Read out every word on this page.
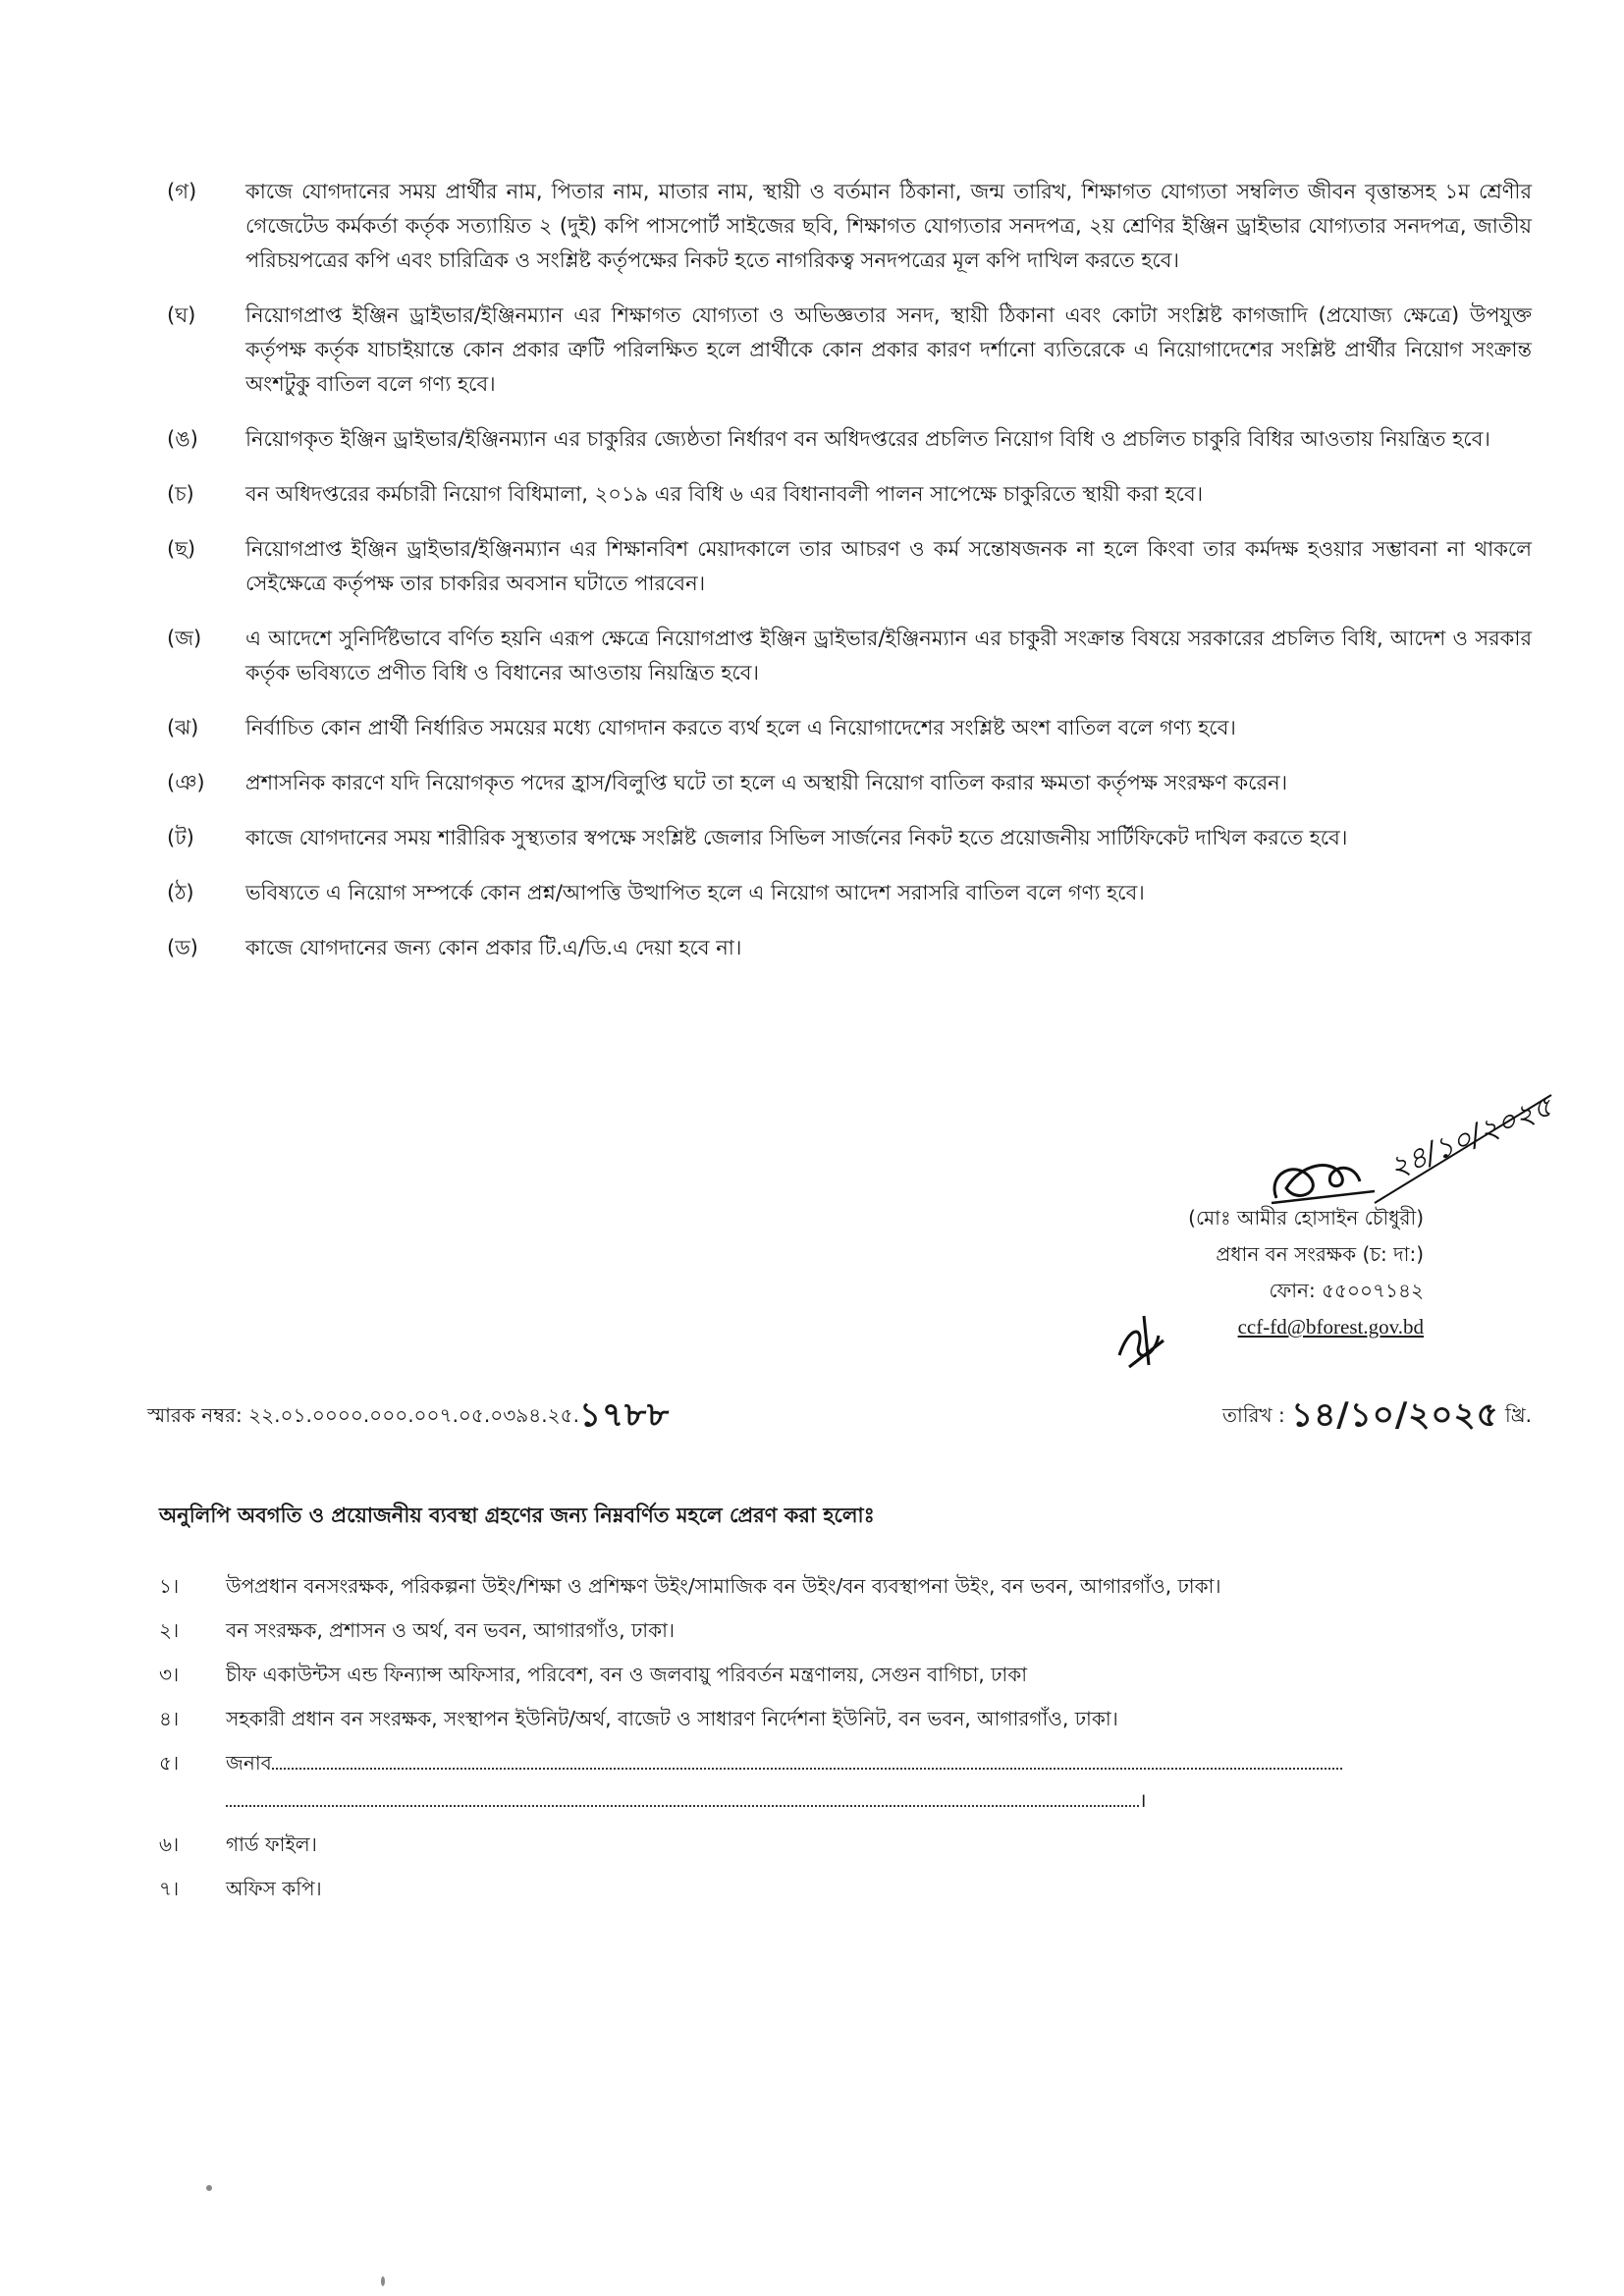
(গ)	কাজে যোগদানের সময় প্রার্থীর নাম, পিতার নাম, মাতার নাম, স্থায়ী ও বর্তমান ঠিকানা, জন্ম তারিখ, শিক্ষাগত যোগ্যতা সম্বলিত জীবন বৃত্তান্তসহ ১ম শ্রেণীর গেজেটেড কর্মকর্তা কর্তৃক সত্যায়িত ২ (দুই) কপি পাসপোর্ট সাইজের ছবি, শিক্ষাগত যোগ্যতার সনদপত্র, ২য় শ্রেণির ইঞ্জিন ড্রাইভার যোগ্যতার সনদপত্র, জাতীয় পরিচয়পত্রের কপি এবং চারিত্রিক ও সংশ্লিষ্ট কর্তৃপক্ষের নিকট হতে নাগরিকত্ব সনদপত্রের মূল কপি দাখিল করতে হবে।
(ঘ)	নিয়োগপ্রাপ্ত ইঞ্জিন ড্রাইভার/ইঞ্জিনম্যান এর শিক্ষাগত যোগ্যতা ও অভিজ্ঞতার সনদ, স্থায়ী ঠিকানা এবং কোটা সংশ্লিষ্ট কাগজাদি (প্রযোজ্য ক্ষেত্রে) উপযুক্ত কর্তৃপক্ষ কর্তৃক যাচাইয়ান্তে কোন প্রকার ত্রুটি পরিলক্ষিত হলে প্রার্থীকে কোন প্রকার কারণ দর্শানো ব্যতিরেকে এ নিয়োগাদেশের সংশ্লিষ্ট প্রার্থীর নিয়োগ সংক্রান্ত অংশটুকু বাতিল বলে গণ্য হবে।
(ঙ)	নিয়োগকৃত ইঞ্জিন ড্রাইভার/ইঞ্জিনম্যান এর চাকুরির জ্যেষ্ঠতা নির্ধারণ বন অধিদপ্তরের প্রচলিত নিয়োগ বিধি ও প্রচলিত চাকুরি বিধির আওতায় নিয়ন্ত্রিত হবে।
(চ)	বন অধিদপ্তরের কর্মচারী নিয়োগ বিধিমালা, ২০১৯ এর বিধি ৬ এর বিধানাবলী পালন সাপেক্ষে চাকুরিতে স্থায়ী করা হবে।
(ছ)	নিয়োগপ্রাপ্ত ইঞ্জিন ড্রাইভার/ইঞ্জিনম্যান এর শিক্ষানবিশ মেয়াদকালে তার আচরণ ও কর্ম সন্তোষজনক না হলে কিংবা তার কর্মদক্ষ হওয়ার সম্ভাবনা না থাকলে সেইক্ষেত্রে কর্তৃপক্ষ তার চাকরির অবসান ঘটাতে পারবেন।
(জ)	এ আদেশে সুনির্দিষ্টভাবে বর্ণিত হয়নি এরূপ ক্ষেত্রে নিয়োগপ্রাপ্ত ইঞ্জিন ড্রাইভার/ইঞ্জিনম্যান এর চাকুরী সংক্রান্ত বিষয়ে সরকারের প্রচলিত বিধি, আদেশ ও সরকার কর্তৃক ভবিষ্যতে প্রণীত বিধি ও বিধানের আওতায় নিয়ন্ত্রিত হবে।
(ঝ)	নির্বাচিত কোন প্রার্থী নির্ধারিত সময়ের মধ্যে যোগদান করতে ব্যর্থ হলে এ নিয়োগাদেশের সংশ্লিষ্ট অংশ বাতিল বলে গণ্য হবে।
(ঞ)	প্রশাসনিক কারণে যদি নিয়োগকৃত পদের হ্রাস/বিলুপ্তি ঘটে তা হলে এ অস্থায়ী নিয়োগ বাতিল করার ক্ষমতা কর্তৃপক্ষ সংরক্ষণ করেন।
(ট)	কাজে যোগদানের সময় শারীরিক সুস্থ্যতার স্বপক্ষে সংশ্লিষ্ট জেলার সিভিল সার্জনের নিকট হতে প্রয়োজনীয় সার্টিফিকেট দাখিল করতে হবে।
(ঠ)	ভবিষ্যতে এ নিয়োগ সম্পর্কে কোন প্রশ্ন/আপত্তি উত্থাপিত হলে এ নিয়োগ আদেশ সরাসরি বাতিল বলে গণ্য হবে।
(ড)	কাজে যোগদানের জন্য কোন প্রকার টি.এ/ডি.এ দেয়া হবে না।
২৪/১০/২০২৫
(মোঃ আমীর হোসাইন চৌধুরী)
প্রধান বন সংরক্ষক (চ: দা:)
ফোন: ৫৫০০৭১৪২
ccf-fd@bforest.gov.bd
স্মারক নম্বর: ২২.০১.০০০০.০০০.০০৭.০৫.০৩৯৪.২৫.১৭৮৮	তারিখ : ১৪/১০/২০২৫ খ্রি.
অনুলিপি অবগতি ও প্রয়োজনীয় ব্যবস্থা গ্রহণের জন্য নিম্নবর্ণিত মহলে প্রেরণ করা হলোঃ
১।	উপপ্রধান বনসংরক্ষক, পরিকল্পনা উইং/শিক্ষা ও প্রশিক্ষণ উইং/সামাজিক বন উইং/বন ব্যবস্থাপনা উইং, বন ভবন, আগারগাঁও, ঢাকা।
২।	বন সংরক্ষক, প্রশাসন ও অর্থ, বন ভবন, আগারগাঁও, ঢাকা।
৩।	চীফ একাউন্টস এন্ড ফিন্যান্স অফিসার, পরিবেশ, বন ও জলবায়ু পরিবর্তন মন্ত্রণালয়, সেগুন বাগিচা, ঢাকা
৪।	সহকারী প্রধান বন সংরক্ষক, সংস্থাপন ইউনিট/অর্থ, বাজেট ও সাধারণ নির্দেশনা ইউনিট, বন ভবন, আগারগাঁও, ঢাকা।
৫।	জনাব
।
৬।	গার্ড ফাইল।
৭।	অফিস কপি।
